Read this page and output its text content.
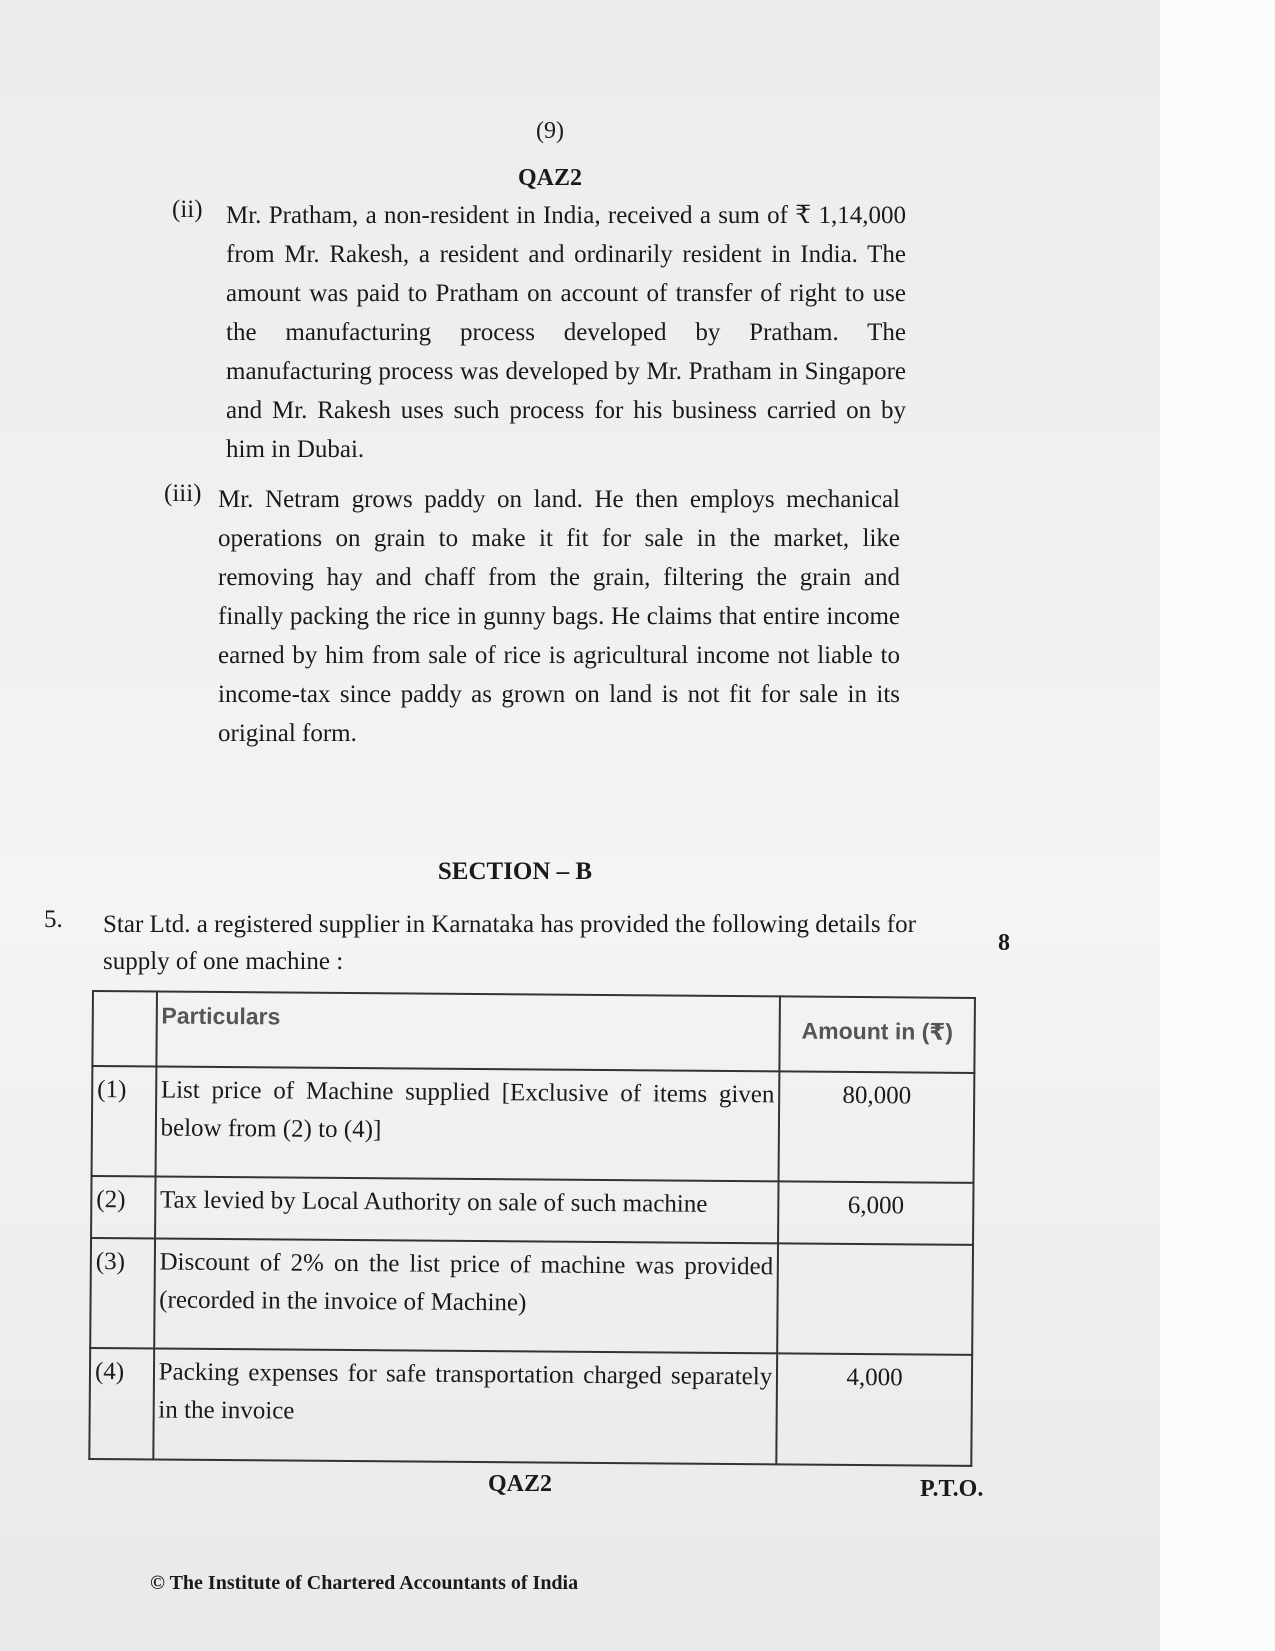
(9)
QAZ2
(ii) Mr. Pratham, a non-resident in India, received a sum of ₹ 1,14,000 from Mr. Rakesh, a resident and ordinarily resident in India. The amount was paid to Pratham on account of transfer of right to use the manufacturing process developed by Pratham. The manufacturing process was developed by Mr. Pratham in Singapore and Mr. Rakesh uses such process for his business carried on by him in Dubai.
(iii) Mr. Netram grows paddy on land. He then employs mechanical operations on grain to make it fit for sale in the market, like removing hay and chaff from the grain, filtering the grain and finally packing the rice in gunny bags. He claims that entire income earned by him from sale of rice is agricultural income not liable to income-tax since paddy as grown on land is not fit for sale in its original form.
SECTION – B
5. Star Ltd. a registered supplier in Karnataka has provided the following details for supply of one machine :
8
	Particulars	Amount in (₹)
(1)	List price of Machine supplied [Exclusive of items given below from (2) to (4)]	80,000
(2)	Tax levied by Local Authority on sale of such machine	6,000
(3)	Discount of 2% on the list price of machine was provided (recorded in the invoice of Machine)	
(4)	Packing expenses for safe transportation charged separately in the invoice	4,000
QAZ2	P.T.O.
© The Institute of Chartered Accountants of India
